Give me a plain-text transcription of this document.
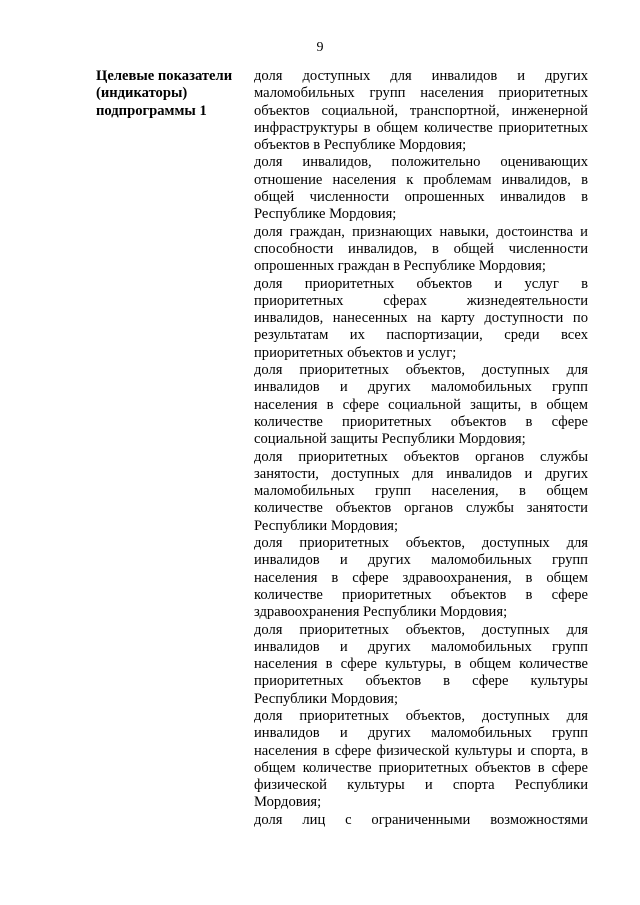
9
Целевые показатели
(индикаторы)
подпрограммы 1

доля доступных для инвалидов и других маломобильных групп населения приоритетных объектов социальной, транспортной, инженерной инфраструктуры в общем количестве приоритетных объектов в Республике Мордовия;

доля инвалидов, положительно оценивающих отношение населения к проблемам инвалидов, в общей численности опрошенных инвалидов в Республике Мордовия;

доля граждан, признающих навыки, достоинства и способности инвалидов, в общей численности опрошенных граждан в Республике Мордовия;

доля приоритетных объектов и услуг в приоритетных сферах жизнедеятельности инвалидов, нанесенных на карту доступности по результатам их паспортизации, среди всех приоритетных объектов и услуг;

доля приоритетных объектов, доступных для инвалидов и других маломобильных групп населения в сфере социальной защиты, в общем количестве приоритетных объектов в сфере социальной защиты Республики Мордовия;

доля приоритетных объектов органов службы занятости, доступных для инвалидов и других маломобильных групп населения, в общем количестве объектов органов службы занятости Республики Мордовия;

доля приоритетных объектов, доступных для инвалидов и других маломобильных групп населения в сфере здравоохранения, в общем количестве приоритетных объектов в сфере здравоохранения Республики Мордовия;

доля приоритетных объектов, доступных для инвалидов и других маломобильных групп населения в сфере культуры, в общем количестве приоритетных объектов в сфере культуры Республики Мордовия;

доля приоритетных объектов, доступных для инвалидов и других маломобильных групп населения в сфере физической культуры и спорта, в общем количестве приоритетных объектов в сфере физической культуры и спорта Республики Мордовия;

доля лиц с ограниченными возможностями
